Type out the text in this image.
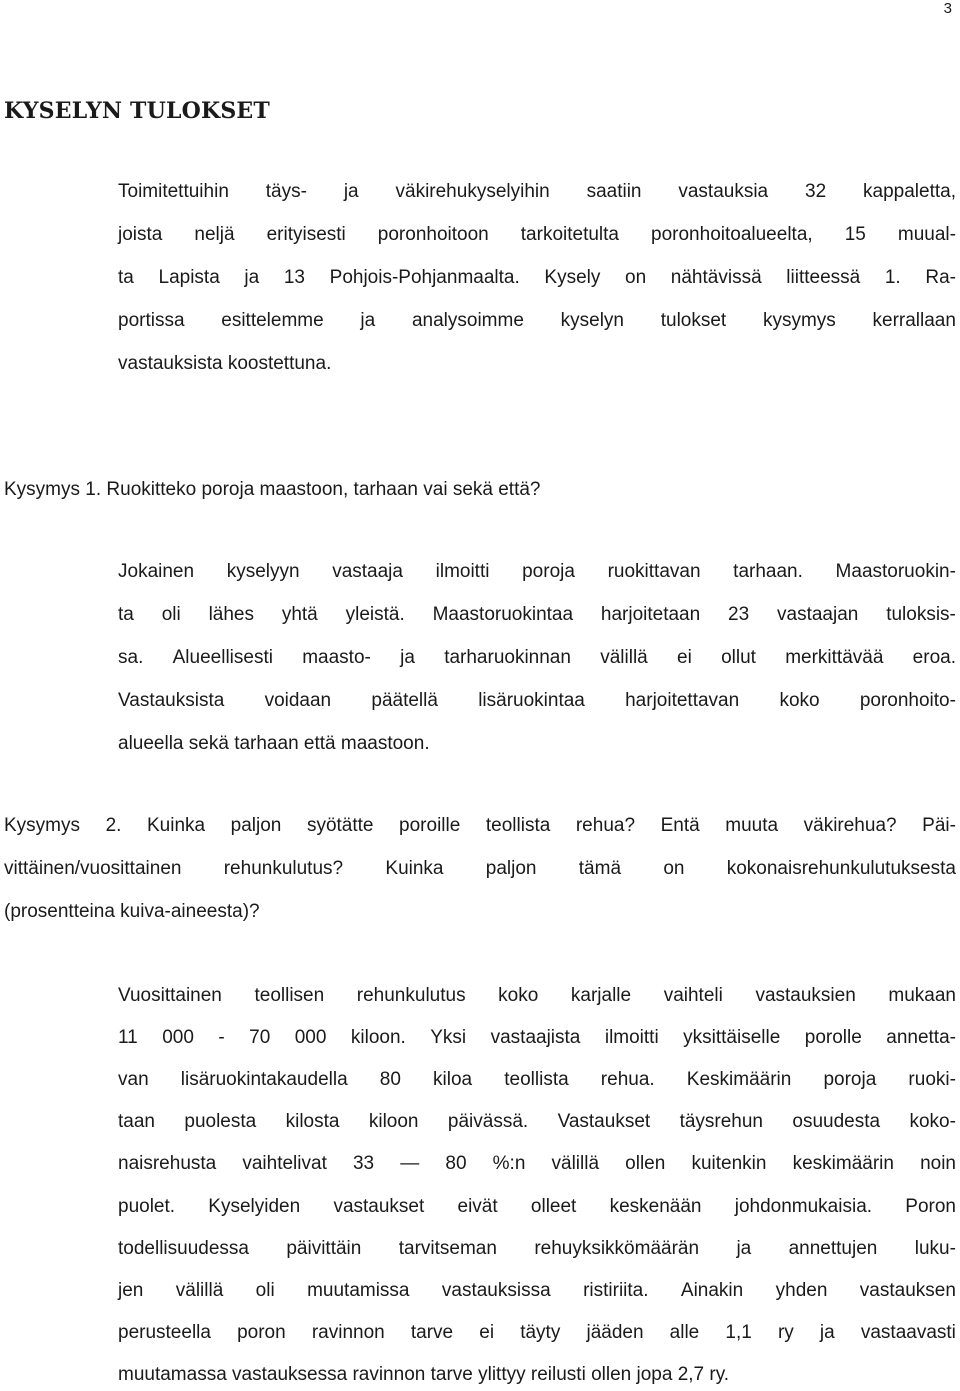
3
KYSELYN TULOKSET
Toimitettuihin täys- ja väkirehukyselyihin saatiin vastauksia 32 kappaletta,
joista neljä erityisesti poronhoitoon tarkoitetulta poronhoitoalueelta, 15 muual-
ta Lapista ja 13 Pohjois-Pohjanmaalta. Kysely on nähtävissä liitteessä 1. Ra-
portissa esittelemme ja analysoimme kyselyn tulokset kysymys kerrallaan
vastauksista koostettuna.
Kysymys 1. Ruokitteko poroja maastoon, tarhaan vai sekä että?
Jokainen kyselyyn vastaaja ilmoitti poroja ruokittavan tarhaan. Maastoruokin-
ta oli lähes yhtä yleistä. Maastoruokintaa harjoitetaan 23 vastaajan tuloksis-
sa. Alueellisesti maasto- ja tarharuokinnan välillä ei ollut merkittävää eroa.
Vastauksista voidaan päätellä lisäruokintaa harjoitettavan koko poronhoito-
alueella sekä tarhaan että maastoon.
Kysymys 2. Kuinka paljon syötätte poroille teollista rehua? Entä muuta väkirehua? Päi-
vittäinen/vuosittainen rehunkulutus? Kuinka paljon tämä on kokonaisrehunkulutuksesta
(prosentteina kuiva-aineesta)?
Vuosittainen teollisen rehunkulutus koko karjalle vaihteli vastauksien mukaan
11 000 - 70 000 kiloon. Yksi vastaajista ilmoitti yksittäiselle porolle annetta-
van lisäruokintakaudella 80 kiloa teollista rehua. Keskimäärin poroja ruoki-
taan puolesta kilosta kiloon päivässä. Vastaukset täysrehun osuudesta koko-
naisrehusta vaihtelivat 33 — 80 %:n välillä ollen kuitenkin keskimäärin noin
puolet. Kyselyiden vastaukset eivät olleet keskenään johdonmukaisia. Poron
todellisuudessa päivittäin tarvitseman rehuyksikkömäärän ja annettujen luku-
jen välillä oli muutamissa vastauksissa ristiriita. Ainakin yhden vastauksen
perusteella poron ravinnon tarve ei täyty jääden alle 1,1 ry ja vastaavasti
muutamassa vastauksessa ravinnon tarve ylittyy reilusti ollen jopa 2,7 ry.
